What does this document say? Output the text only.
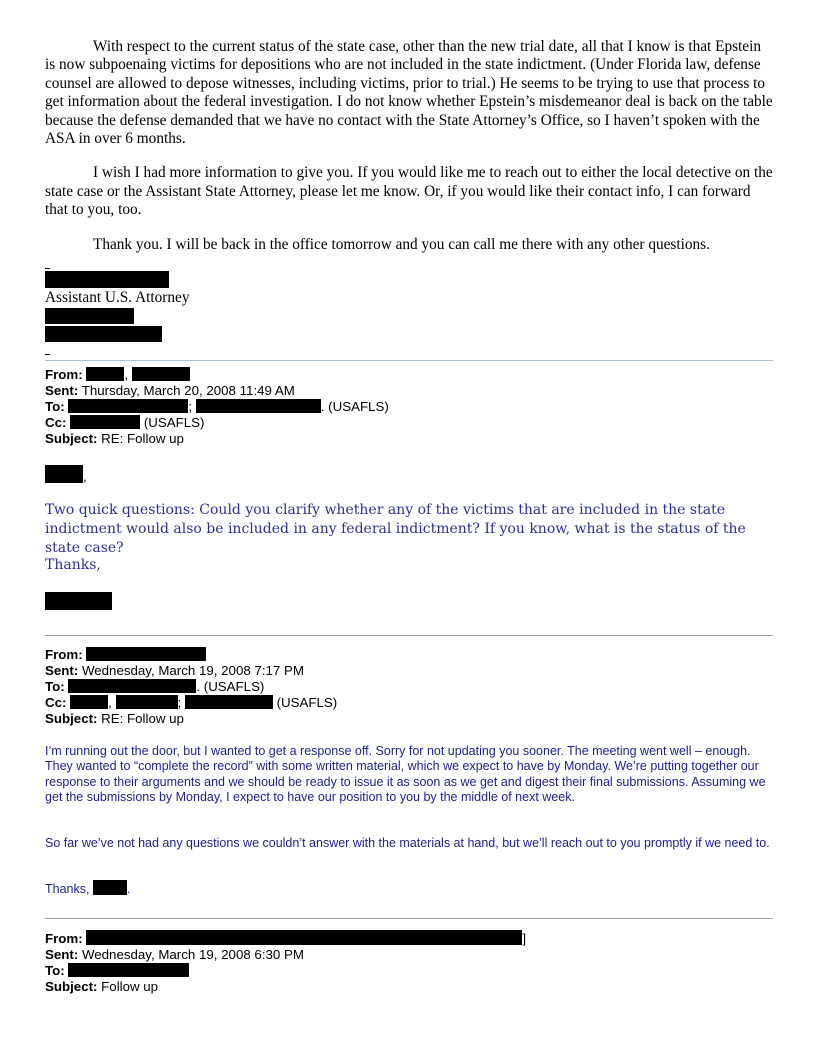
With respect to the current status of the state case, other than the new trial date, all that I know is that Epstein is now subpoenaing victims for depositions who are not included in the state indictment. (Under Florida law, defense counsel are allowed to depose witnesses, including victims, prior to trial.) He seems to be trying to use that process to get information about the federal investigation. I do not know whether Epstein’s misdemeanor deal is back on the table because the defense demanded that we have no contact with the State Attorney’s Office, so I haven’t spoken with the ASA in over 6 months.

I wish I had more information to give you. If you would like me to reach out to either the local detective on the state case or the Assistant State Attorney, please let me know. Or, if you would like their contact info, I can forward that to you, too.

Thank you. I will be back in the office tomorrow and you can call me there with any other questions.

Assistant U.S. Attorney
From:	,
Sent: Thursday, March 20, 2008 11:49 AM
To:	;	. (USAFLS)
Cc:	(USAFLS)
Subject: RE: Follow up
,
Two quick questions: Could you clarify whether any of the victims that are included in the state indictment would also be included in any federal indictment? If you know, what is the status of the state case?
Thanks,
From:
Sent: Wednesday, March 19, 2008 7:17 PM
To:	. (USAFLS)
Cc:	,	;	(USAFLS)
Subject: RE: Follow up
I’m running out the door, but I wanted to get a response off. Sorry for not updating you sooner. The meeting went well – enough. They wanted to “complete the record” with some written material, which we expect to have by Monday. We’re putting together our response to their arguments and we should be ready to issue it as soon as we get and digest their final submissions. Assuming we get the submissions by Monday, I expect to have our position to you by the middle of next week.
So far we’ve not had any questions we couldn’t answer with the materials at hand, but we’ll reach out to you promptly if we need to.
Thanks,	.
From:	]
Sent: Wednesday, March 19, 2008 6:30 PM
To:
Subject: Follow up
